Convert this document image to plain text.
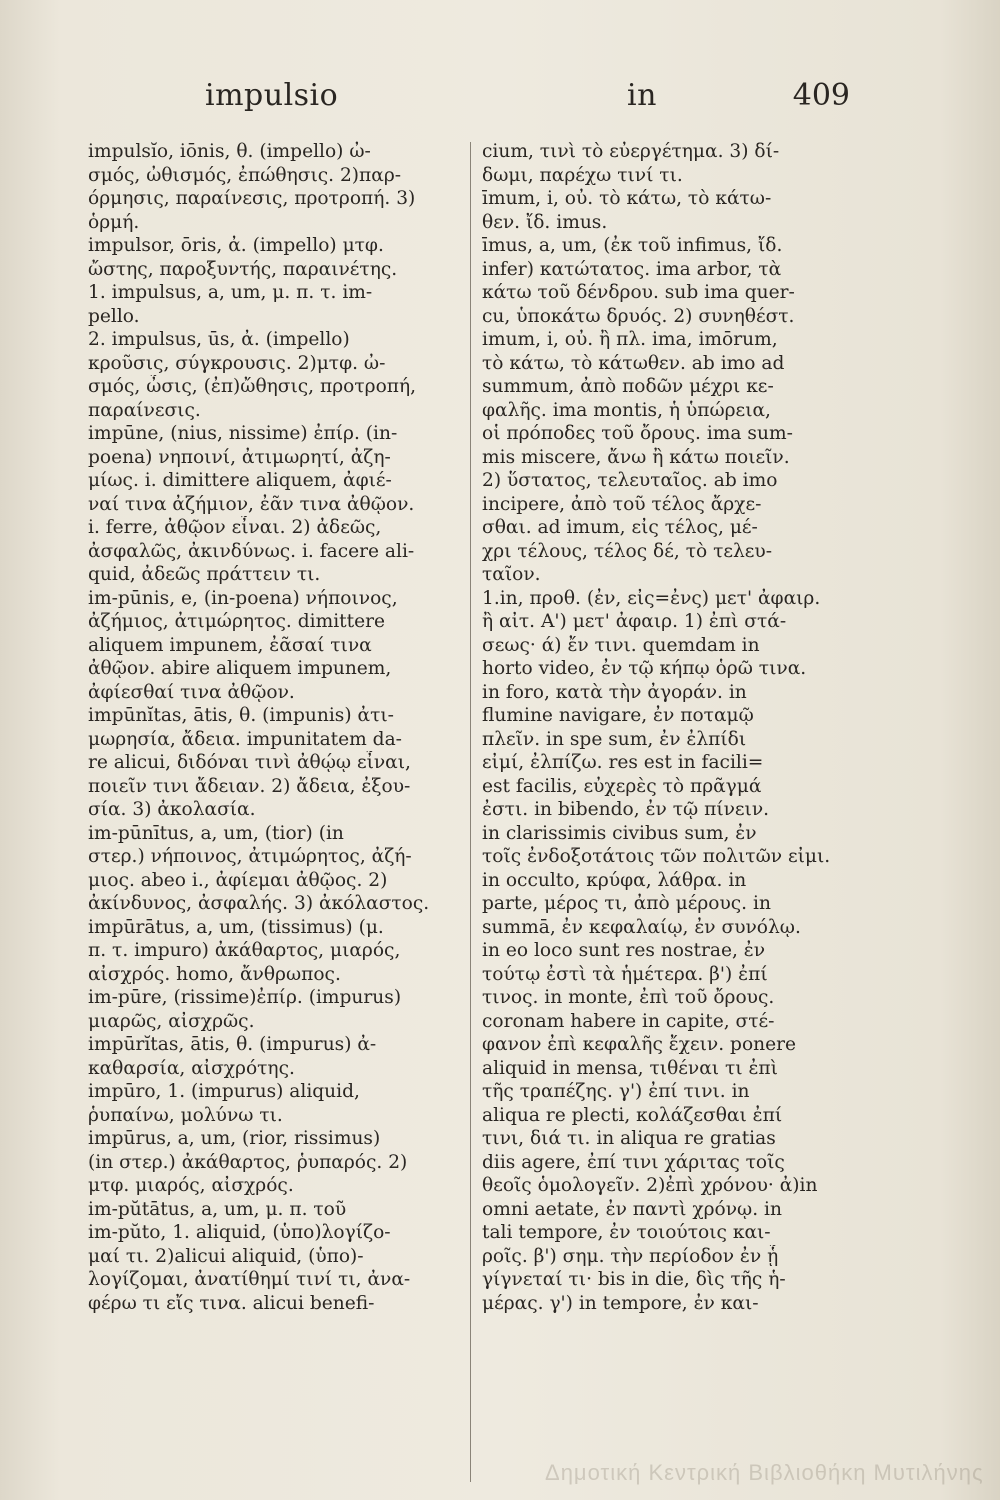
impulsio	in	409
impulsĭo, iōnis, θ. (impello) ὠ-
σμός, ὠθισμός, ἐπώθησις. 2)παρ-
όρμησις, παραίνεσις, προτροπή. 3)
ὁρμή.
impulsor, ōris, ἀ. (impello) μτφ.
ὤστης, παροξυντής, παραινέτης.
1. impulsus, a, um, μ. π. τ. im-
pello.
2. impulsus, ūs, ἀ. (impello)
κροῦσις, σύγκρουσις. 2)μτφ. ὠ-
σμός, ὦσις, (ἐπ)ὤθησις, προτροπή,
παραίνεσις.
impūne, (nius, nissime) ἐπίρ. (in-
poena) νηποινί, ἀτιμωρητί, ἀζη-
μίως. i. dimittere aliquem, ἀφιέ-
ναί τινα ἀζήμιον, ἐᾶν τινα ἀθῷον.
i. ferre, ἀθῷον εἶναι. 2) ἀδεῶς,
ἀσφαλῶς, ἀκινδύνως. i. facere ali-
quid, ἀδεῶς πράττειν τι.
im-pūnis, e, (in-poena) νήποινος,
ἀζήμιος, ἀτιμώρητος. dimittere
aliquem impunem, ἐᾶσαί τινα
ἀθῷον. abire aliquem impunem,
ἀφίεσθαί τινα ἀθῷον.
impūnĭtas, ātis, θ. (impunis) ἀτι-
μωρησία, ἄδεια. impunitatem da-
re alicui, διδόναι τινὶ ἀθῴῳ εἶναι,
ποιεῖν τινι ἄδειαν. 2) ἄδεια, ἐξου-
σία. 3) ἀκολασία.
im-pūnītus, a, um, (tior) (in
στερ.) νήποινος, ἀτιμώρητος, ἀζή-
μιος. abeo i., ἀφίεμαι ἀθῷος. 2)
ἀκίνδυνος, ἀσφαλής. 3) ἀκόλαστος.
impūrātus, a, um, (tissimus) (μ.
π. τ. impuro) ἀκάθαρτος, μιαρός,
αἰσχρός. homo, ἄνθρωπος.
im-pūre, (rissime)ἐπίρ. (impurus)
μιαρῶς, αἰσχρῶς.
impūrĭtas, ātis, θ. (impurus) ἀ-
καθαρσία, αἰσχρότης.
impūro, 1. (impurus) aliquid,
ῥυπαίνω, μολύνω τι.
impūrus, a, um, (rior, rissimus)
(in στερ.) ἀκάθαρτος, ῥυπαρός. 2)
μτφ. μιαρός, αἰσχρός.
im-pŭtātus, a, um, μ. π. τοῦ
im-pŭto, 1. aliquid, (ὑπο)λογίζο-
μαί τι. 2)alicui aliquid, (ὑπο)-
λογίζομαι, ἀνατίθημί τινί τι, ἀνα-
φέρω τι εἴς τινα. alicui benefi-
cium, τινὶ τὸ εὐεργέτημα. 3) δί-
δωμι, παρέχω τινί τι.
īmum, i, οὐ. τὸ κάτω, τὸ κάτω-
θεν. ἴδ. imus.
īmus, a, um, (ἐκ τοῦ infimus, ἴδ.
infer) κατώτατος. ima arbor, τὰ
κάτω τοῦ δένδρου. sub ima quer-
cu, ὑποκάτω δρυός. 2) συνηθέστ.
imum, i, οὐ. ἢ πλ. ima, imōrum,
τὸ κάτω, τὸ κάτωθεν. ab imo ad
summum, ἀπὸ ποδῶν μέχρι κε-
φαλῆς. ima montis, ἡ ὑπώρεια,
οἱ πρόποδες τοῦ ὄρους. ima sum-
mis miscere, ἄνω ἢ κάτω ποιεῖν.
2) ὕστατος, τελευταῖος. ab imo
incipere, ἀπὸ τοῦ τέλος ἄρχε-
σθαι. ad imum, εἰς τέλος, μέ-
χρι τέλους, τέλος δέ, τὸ τελευ-
ταῖον.
1.in, προθ. (ἐν, εἰς=ἐνς) μετ' ἀφαιρ.
ἢ αἰτ. Α') μετ' ἀφαιρ. 1) ἐπὶ στά-
σεως· ά) ἔν τινι. quemdam in
horto video, ἐν τῷ κήπῳ ὁρῶ τινα.
in foro, κατὰ τὴν ἀγοράν. in
flumine navigare, ἐν ποταμῷ
πλεῖν. in spe sum, ἐν ἐλπίδι
εἰμί, ἐλπίζω. res est in facili=
est facilis, εὐχερὲς τὸ πρᾶγμά
ἐστι. in bibendo, ἐν τῷ πίνειν.
in clarissimis civibus sum, ἐν
τοῖς ἐνδοξοτάτοις τῶν πολιτῶν εἰμι.
in occulto, κρύφα, λάθρα. in
parte, μέρος τι, ἀπὸ μέρους. in
summā, ἐν κεφαλαίῳ, ἐν συνόλῳ.
in eo loco sunt res nostrae, ἐν
τούτῳ ἐστὶ τὰ ἡμέτερα. β') ἐπί
τινος. in monte, ἐπὶ τοῦ ὄρους.
coronam habere in capite, στέ-
φανον ἐπὶ κεφαλῆς ἔχειν. ponere
aliquid in mensa, τιθέναι τι ἐπὶ
τῆς τραπέζης. γ') ἐπί τινι. in
aliqua re plecti, κολάζεσθαι ἐπί
τινι, διά τι. in aliqua re gratias
diis agere, ἐπί τινι χάριτας τοῖς
θεοῖς ὁμολογεῖν. 2)ἐπὶ χρόνου· ἀ)in
omni aetate, ἐν παντὶ χρόνῳ. in
tali tempore, ἐν τοιούτοις και-
ροῖς. β') σημ. τὴν περίοδον ἐν ᾗ
γίγνεταί τι· bis in die, δὶς τῆς ἡ-
μέρας. γ') in tempore, ἐν και-
Δημοτική Κεντρική Βιβλιοθήκη Μυτιλήνης
